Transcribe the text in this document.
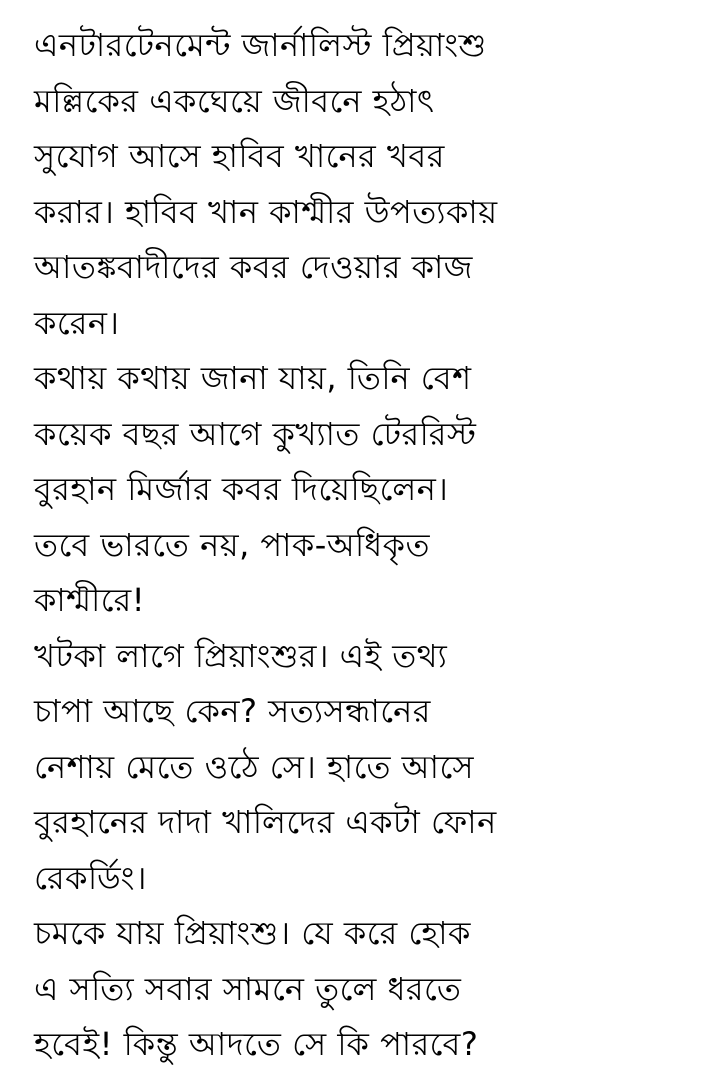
এনটারটেনমেন্ট জার্নালিস্ট প্রিয়াংশু
মল্লিকের একঘেয়ে জীবনে হঠাৎ
সুযোগ আসে হাবিব খানের খবর
করার। হাবিব খান কাশ্মীর উপত্যকায়
আতঙ্কবাদীদের কবর দেওয়ার কাজ
করেন।
কথায় কথায় জানা যায়, তিনি বেশ
কয়েক বছর আগে কুখ্যাত টেররিস্ট
বুরহান মির্জার কবর দিয়েছিলেন।
তবে ভারতে নয়, পাক-অধিকৃত
কাশ্মীরে!
খটকা লাগে প্রিয়াংশুর। এই তথ্য
চাপা আছে কেন? সত্যসন্ধানের
নেশায় মেতে ওঠে সে। হাতে আসে
বুরহানের দাদা খালিদের একটা ফোন
রেকর্ডিং।
চমকে যায় প্রিয়াংশু। যে করে হোক
এ সত্যি সবার সামনে তুলে ধরতে
হবেই! কিন্তু আদতে সে কি পারবে?
